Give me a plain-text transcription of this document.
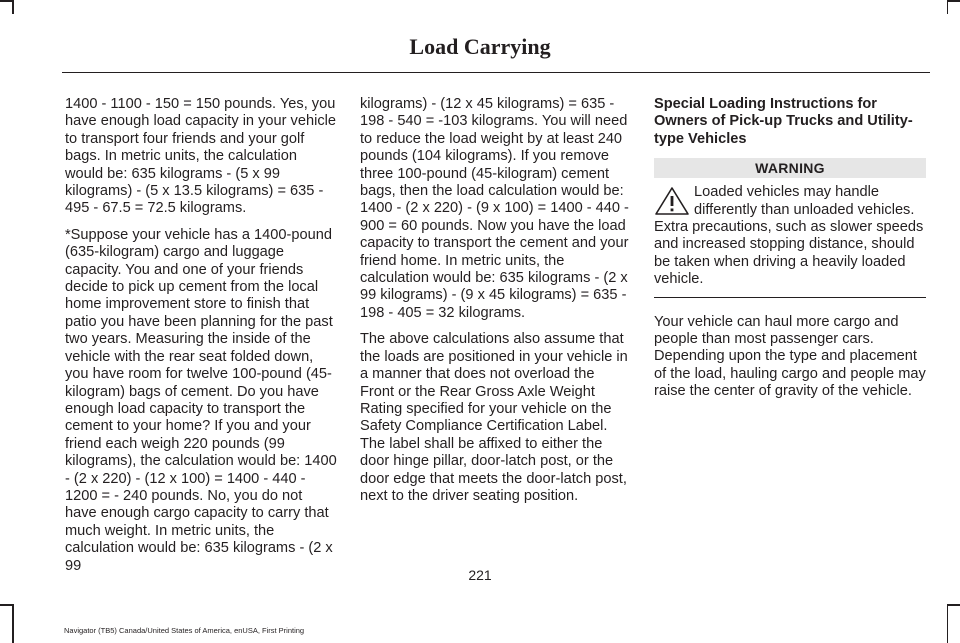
Load Carrying

1400 - 1100 - 150 = 150 pounds. Yes, you have enough load capacity in your vehicle to transport four friends and your golf bags. In metric units, the calculation would be: 635 kilograms - (5 x 99 kilograms) - (5 x 13.5 kilograms) = 635 - 495 - 67.5 = 72.5 kilograms.

*Suppose your vehicle has a 1400-pound (635-kilogram) cargo and luggage capacity. You and one of your friends decide to pick up cement from the local home improvement store to finish that patio you have been planning for the past two years. Measuring the inside of the vehicle with the rear seat folded down, you have room for twelve 100-pound (45-kilogram) bags of cement. Do you have enough load capacity to transport the cement to your home? If you and your friend each weigh 220 pounds (99 kilograms), the calculation would be: 1400 - (2 x 220) - (12 x 100) = 1400 - 440 - 1200 = - 240 pounds. No, you do not have enough cargo capacity to carry that much weight. In metric units, the calculation would be: 635 kilograms - (2 x 99

kilograms) - (12 x 45 kilograms) = 635 - 198 - 540 = -103 kilograms. You will need to reduce the load weight by at least 240 pounds (104 kilograms). If you remove three 100-pound (45-kilogram) cement bags, then the load calculation would be: 1400 - (2 x 220) - (9 x 100) = 1400 - 440 - 900 = 60 pounds. Now you have the load capacity to transport the cement and your friend home. In metric units, the calculation would be: 635 kilograms - (2 x 99 kilograms) - (9 x 45 kilograms) = 635 - 198 - 405 = 32 kilograms.

The above calculations also assume that the loads are positioned in your vehicle in a manner that does not overload the Front or the Rear Gross Axle Weight Rating specified for your vehicle on the Safety Compliance Certification Label. The label shall be affixed to either the door hinge pillar, door-latch post, or the door edge that meets the door-latch post, next to the driver seating position.

Special Loading Instructions for Owners of Pick-up Trucks and Utility-type Vehicles
WARNING
Loaded vehicles may handle differently than unloaded vehicles. Extra precautions, such as slower speeds and increased stopping distance, should be taken when driving a heavily loaded vehicle.

Your vehicle can haul more cargo and people than most passenger cars. Depending upon the type and placement of the load, hauling cargo and people may raise the center of gravity of the vehicle.

221
Navigator (TB5) Canada/United States of America, enUSA, First Printing
